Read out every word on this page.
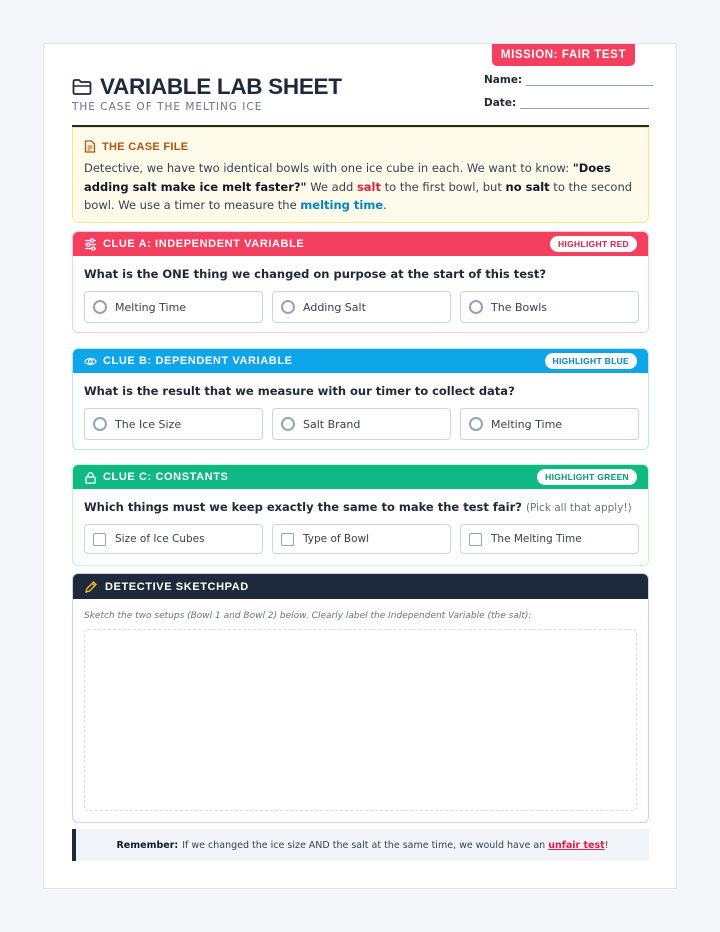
MISSION: FAIR TEST
VARIABLE LAB SHEET
THE CASE OF THE MELTING ICE
Name:
Date:
THE CASE FILE
Detective, we have two identical bowls with one ice cube in each. We want to know: "Does adding salt make ice melt faster?" We add salt to the first bowl, but no salt to the second bowl. We use a timer to measure the melting time.
CLUE A: INDEPENDENT VARIABLE	HIGHLIGHT RED
What is the ONE thing we changed on purpose at the start of this test?
Melting Time	Adding Salt	The Bowls
CLUE B: DEPENDENT VARIABLE	HIGHLIGHT BLUE
What is the result that we measure with our timer to collect data?
The Ice Size	Salt Brand	Melting Time
CLUE C: CONSTANTS	HIGHLIGHT GREEN
Which things must we keep exactly the same to make the test fair? (Pick all that apply!)
Size of Ice Cubes	Type of Bowl	The Melting Time
DETECTIVE SKETCHPAD
Sketch the two setups (Bowl 1 and Bowl 2) below. Clearly label the Independent Variable (the salt):
Remember: If we changed the ice size AND the salt at the same time, we would have an unfair test !
